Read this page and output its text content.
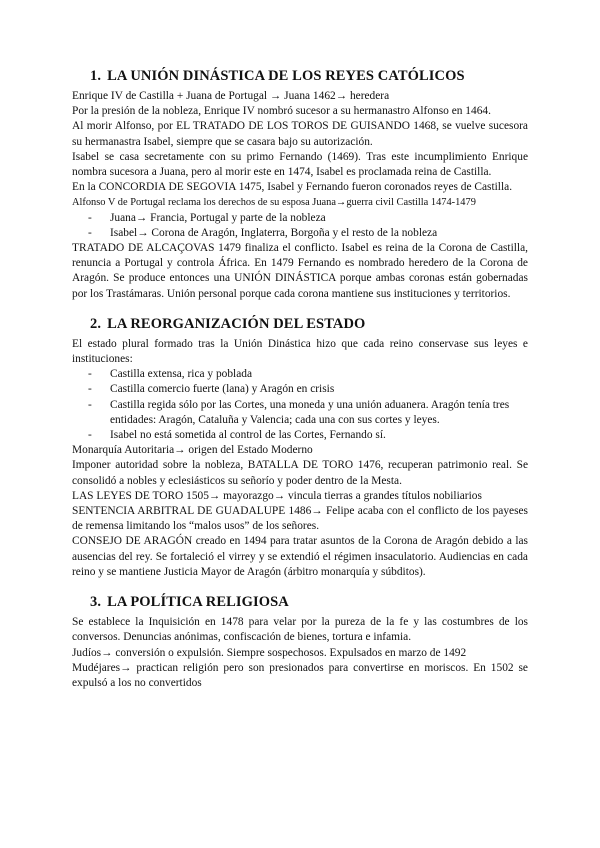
1. LA UNIÓN DINÁSTICA DE LOS REYES CATÓLICOS

Enrique IV de Castilla + Juana de Portugal → Juana 1462→ heredera

Por la presión de la nobleza, Enrique IV nombró sucesor a su hermanastro Alfonso en 1464.

Al morir Alfonso, por EL TRATADO DE LOS TOROS DE GUISANDO 1468, se vuelve sucesora su hermanastra Isabel, siempre que se casara bajo su autorización.

Isabel se casa secretamente con su primo Fernando (1469). Tras este incumplimiento Enrique nombra sucesora a Juana, pero al morir este en 1474, Isabel es proclamada reina de Castilla.

En la CONCORDIA DE SEGOVIA 1475, Isabel y Fernando fueron coronados reyes de Castilla.

Alfonso V de Portugal reclama los derechos de su esposa Juana→guerra civil Castilla 1474-1479

- Juana→ Francia, Portugal y parte de la nobleza
- Isabel→ Corona de Aragón, Inglaterra, Borgoña y el resto de la nobleza

TRATADO DE ALCAÇOVAS 1479 finaliza el conflicto. Isabel es reina de la Corona de Castilla, renuncia a Portugal y controla África. En 1479 Fernando es nombrado heredero de la Corona de Aragón. Se produce entonces una UNIÓN DINÁSTICA porque ambas coronas están gobernadas por los Trastámaras. Unión personal porque cada corona mantiene sus instituciones y territorios.

2. LA REORGANIZACIÓN DEL ESTADO

El estado plural formado tras la Unión Dinástica hizo que cada reino conservase sus leyes e instituciones:

- Castilla extensa, rica y poblada
- Castilla comercio fuerte (lana) y Aragón en crisis
- Castilla regida sólo por las Cortes, una moneda y una unión aduanera. Aragón tenía tres entidades: Aragón, Cataluña y Valencia; cada una con sus cortes y leyes.
- Isabel no está sometida al control de las Cortes, Fernando sí.

Monarquía Autoritaria→ origen del Estado Moderno

Imponer autoridad sobre la nobleza, BATALLA DE TORO 1476, recuperan patrimonio real. Se consolidó a nobles y eclesiásticos su señorío y poder dentro de la Mesta.

LAS LEYES DE TORO 1505→ mayorazgo→ vincula tierras a grandes títulos nobiliarios

SENTENCIA ARBITRAL DE GUADALUPE 1486→ Felipe acaba con el conflicto de los payeses de remensa limitando los “malos usos” de los señores.

CONSEJO DE ARAGÓN creado en 1494 para tratar asuntos de la Corona de Aragón debido a las ausencias del rey. Se fortaleció el virrey y se extendió el régimen insaculatorio. Audiencias en cada reino y se mantiene Justicia Mayor de Aragón (árbitro monarquía y súbditos).

3. LA POLÍTICA RELIGIOSA

Se establece la Inquisición en 1478 para velar por la pureza de la fe y las costumbres de los conversos. Denuncias anónimas, confiscación de bienes, tortura e infamia.

Judíos→ conversión o expulsión. Siempre sospechosos. Expulsados en marzo de 1492

Mudéjares→ practican religión pero son presionados para convertirse en moriscos. En 1502 se expulsó a los no convertidos
